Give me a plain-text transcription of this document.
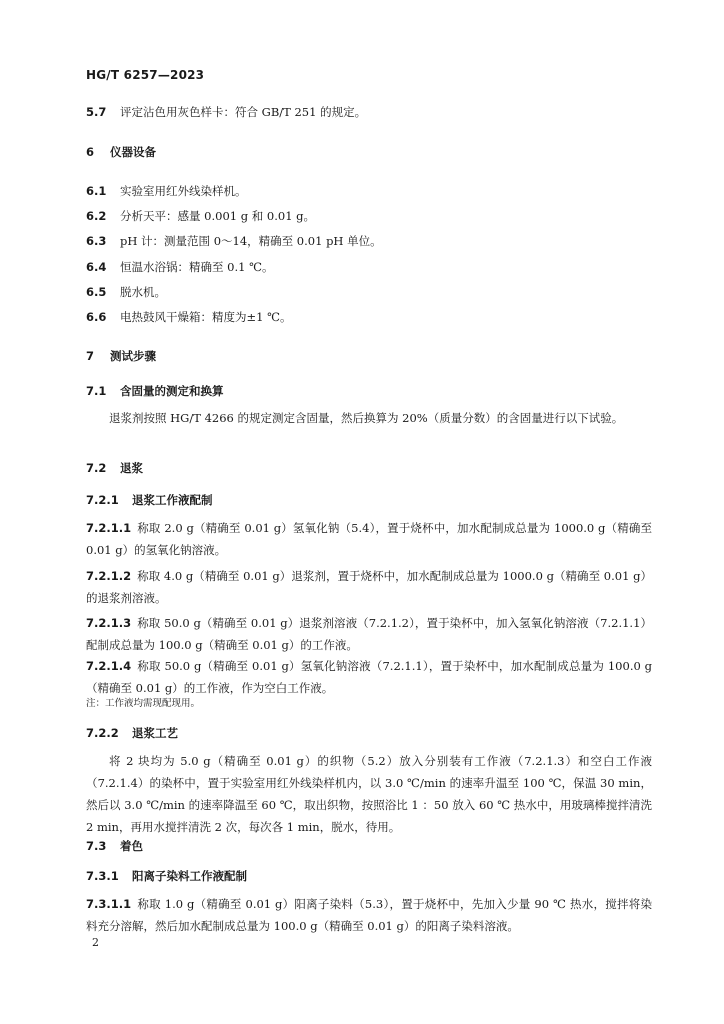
HG/T 6257—2023
5.7 评定沾色用灰色样卡：符合 GB/T 251 的规定。
6 仪器设备
6.1 实验室用红外线染样机。
6.2 分析天平：感量 0.001 g 和 0.01 g。
6.3 pH 计：测量范围 0～14，精确至 0.01 pH 单位。
6.4 恒温水浴锅：精确至 0.1 ℃。
6.5 脱水机。
6.6 电热鼓风干燥箱：精度为±1 ℃。
7 测试步骤
7.1 含固量的测定和换算
退浆剂按照 HG/T 4266 的规定测定含固量，然后换算为 20%（质量分数）的含固量进行以下试验。
7.2 退浆
7.2.1 退浆工作液配制
7.2.1.1 称取 2.0 g（精确至 0.01 g）氢氧化钠（5.4），置于烧杯中，加水配制成总量为 1000.0 g（精确至 0.01 g）的氢氧化钠溶液。
7.2.1.2 称取 4.0 g（精确至 0.01 g）退浆剂，置于烧杯中，加水配制成总量为 1000.0 g（精确至 0.01 g）的退浆剂溶液。
7.2.1.3 称取 50.0 g（精确至 0.01 g）退浆剂溶液（7.2.1.2），置于染杯中，加入氢氧化钠溶液（7.2.1.1）配制成总量为 100.0 g（精确至 0.01 g）的工作液。
7.2.1.4 称取 50.0 g（精确至 0.01 g）氢氧化钠溶液（7.2.1.1），置于染杯中，加水配制成总量为 100.0 g（精确至 0.01 g）的工作液，作为空白工作液。
注：工作液均需现配现用。
7.2.2 退浆工艺
将 2 块均为 5.0 g（精确至 0.01 g）的织物（5.2）放入分别装有工作液（7.2.1.3）和空白工作液（7.2.1.4）的染杯中，置于实验室用红外线染样机内，以 3.0 ℃/min 的速率升温至 100 ℃，保温 30 min，然后以 3.0 ℃/min 的速率降温至 60 ℃，取出织物，按照浴比 1 ：50 放入 60 ℃ 热水中，用玻璃棒搅拌清洗 2 min，再用水搅拌清洗 2 次，每次各 1 min，脱水，待用。
7.3 着色
7.3.1 阳离子染料工作液配制
7.3.1.1 称取 1.0 g（精确至 0.01 g）阳离子染料（5.3），置于烧杯中，先加入少量 90 ℃ 热水，搅拌将染料充分溶解，然后加水配制成总量为 100.0 g（精确至 0.01 g）的阳离子染料溶液。
2
